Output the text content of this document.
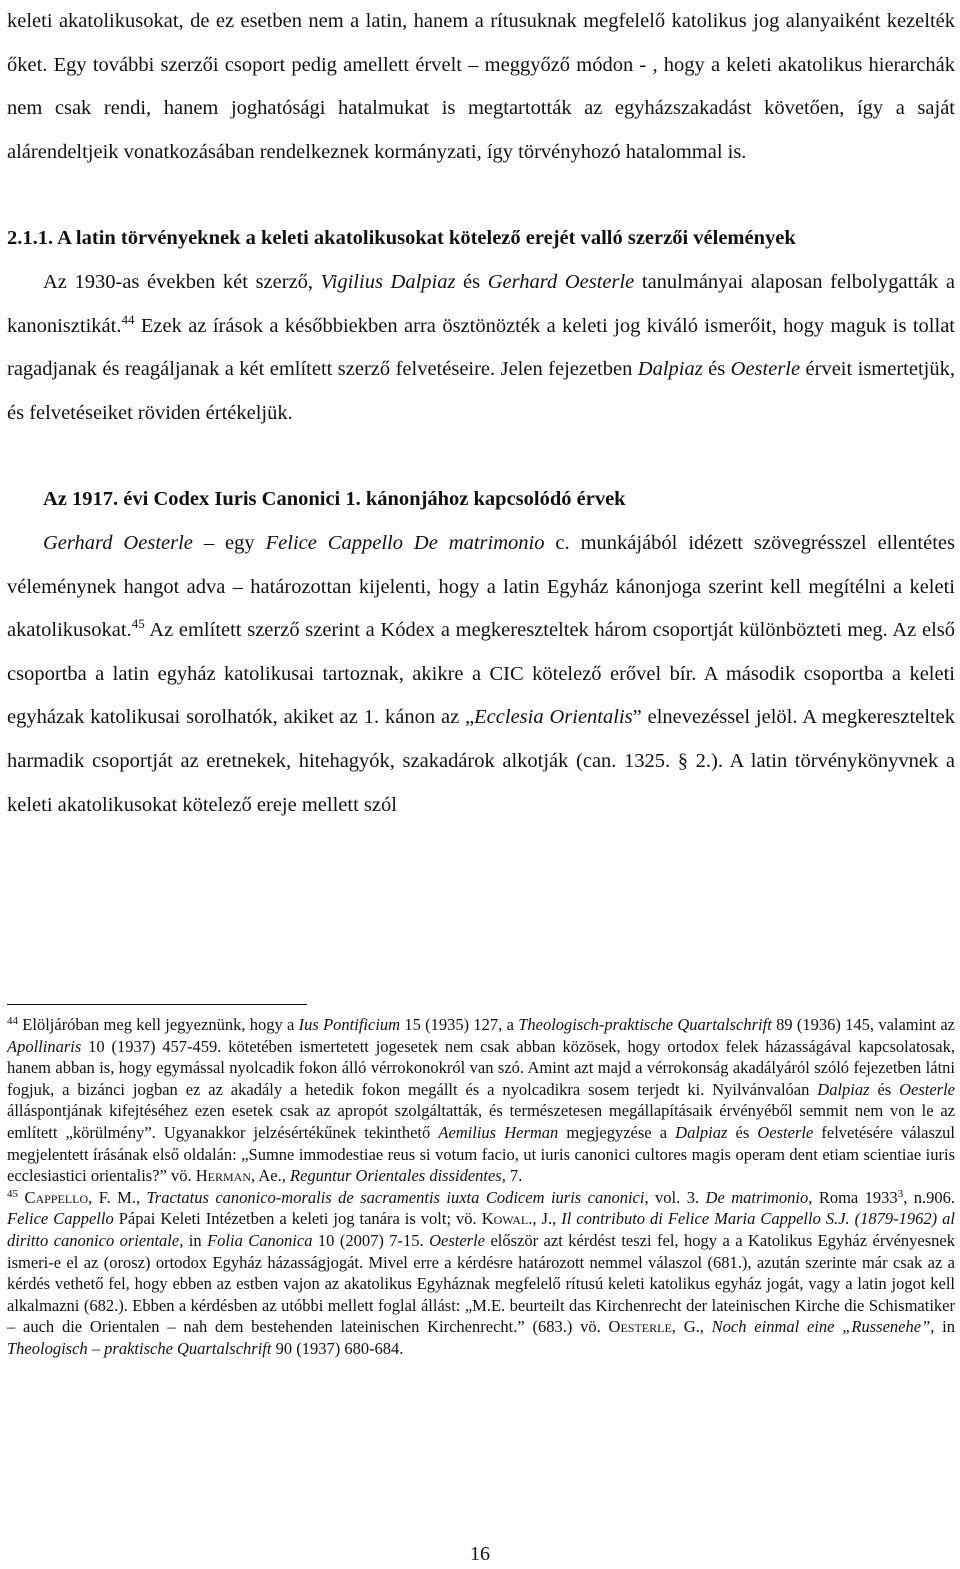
keleti akatolikusokat, de ez esetben nem a latin, hanem a rítusuknak megfelelő katolikus jog alanyaiként kezelték őket. Egy további szerzői csoport pedig amellett érvelt – meggyőző módon - , hogy a keleti akatolikus hierarchák nem csak rendi, hanem joghatósági hatalmukat is megtartották az egyházszakadást követően, így a saját alárendeltjeik vonatkozásában rendelkeznek kormányzati, így törvényhozó hatalommal is.

2.1.1. A latin törvényeknek a keleti akatolikusokat kötelező erejét valló szerzői vélemények

Az 1930-as években két szerző, Vigilius Dalpiaz és Gerhard Oesterle tanulmányai alaposan felbolygatták a kanonisztikát.$^{44}$ Ezek az írások a későbbiekben arra ösztönözték a keleti jog kiváló ismerőit, hogy maguk is tollat ragadjanak és reagáljanak a két említett szerző felvetéseire. Jelen fejezetben Dalpiaz és Oesterle érveit ismertetjük, és felvetéseiket röviden értékeljük.

Az 1917. évi Codex Iuris Canonici 1. kánonjához kapcsolódó érvek

Gerhard Oesterle – egy Felice Cappello De matrimonio c. munkájából idézett szövegrésszel ellentétes véleménynek hangot adva – határozottan kijelenti, hogy a latin Egyház kánonjoga szerint kell megítélni a keleti akatolikusokat.$^{45}$ Az említett szerző szerint a Kódex a megkereszteltek három csoportját különbözteti meg. Az első csoportba a latin egyház katolikusai tartoznak, akikre a CIC kötelező erővel bír. A második csoportba a keleti egyházak katolikusai sorolhatók, akiket az 1. kánon az „Ecclesia Orientalis” elnevezéssel jelöl. A megkereszteltek harmadik csoportját az eretnekek, hitehagyók, szakadárok alkotják (can. 1325. § 2.). A latin törvénykönyvnek a keleti akatolikusokat kötelező ereje mellett szól

$^{44}$ Elöljáróban meg kell jegyeznünk, hogy a Ius Pontificium 15 (1935) 127, a Theologisch-praktische Quartalschrift 89 (1936) 145, valamint az Apollinaris 10 (1937) 457-459. kötetében ismertetett jogesetek nem csak abban közösek, hogy ortodox felek házasságával kapcsolatosak, hanem abban is, hogy egymással nyolcadik fokon álló vérrokonokról van szó. Amint azt majd a vérrokonság akadályáról szóló fejezetben látni fogjuk, a bizánci jogban ez az akadály a hetedik fokon megállt és a nyolcadikra sosem terjedt ki. Nyilvánvalóan Dalpiaz és Oesterle álláspontjának kifejtéséhez ezen esetek csak az apropót szolgáltatták, és természetesen megállapításaik érvényéből semmit nem von le az említett „körülmény”. Ugyanakkor jelzésértékűnek tekinthető Aemilius Herman megjegyzése a Dalpiaz és Oesterle felvetésére válaszul megjelentett írásának első oldalán: „Sumne immodestiae reus si votum facio, ut iuris canonici cultores magis operam dent etiam scientiae iuris ecclesiastici orientalis?” vö. Herman, Ae., Reguntur Orientales dissidentes, 7.

$^{45}$ Cappello, F. M., Tractatus canonico-moralis de sacramentis iuxta Codicem iuris canonici, vol. 3. De matrimonio, Roma 1933$^3$, n.906. Felice Cappello Pápai Keleti Intézetben a keleti jog tanára is volt; vö. Kowal., J., Il contributo di Felice Maria Cappello S.J. (1879-1962) al diritto canonico orientale, in Folia Canonica 10 (2007) 7-15. Oesterle először azt kérdést teszi fel, hogy a a Katolikus Egyház érvényesnek ismeri-e el az (orosz) ortodox Egyház házasságjogát. Mivel erre a kérdésre határozott nemmel válaszol (681.), azután szerinte már csak az a kérdés vethető fel, hogy ebben az estben vajon az akatolikus Egyháznak megfelelő rítusú keleti katolikus egyház jogát, vagy a latin jogot kell alkalmazni (682.). Ebben a kérdésben az utóbbi mellett foglal állást: „M.E. beurteilt das Kirchenrecht der lateinischen Kirche die Schismatiker – auch die Orientalen – nah dem bestehenden lateinischen Kirchenrecht.” (683.) vö. Oesterle, G., Noch einmal eine „Russenehe”, in Theologisch – praktische Quartalschrift 90 (1937) 680-684.

16
